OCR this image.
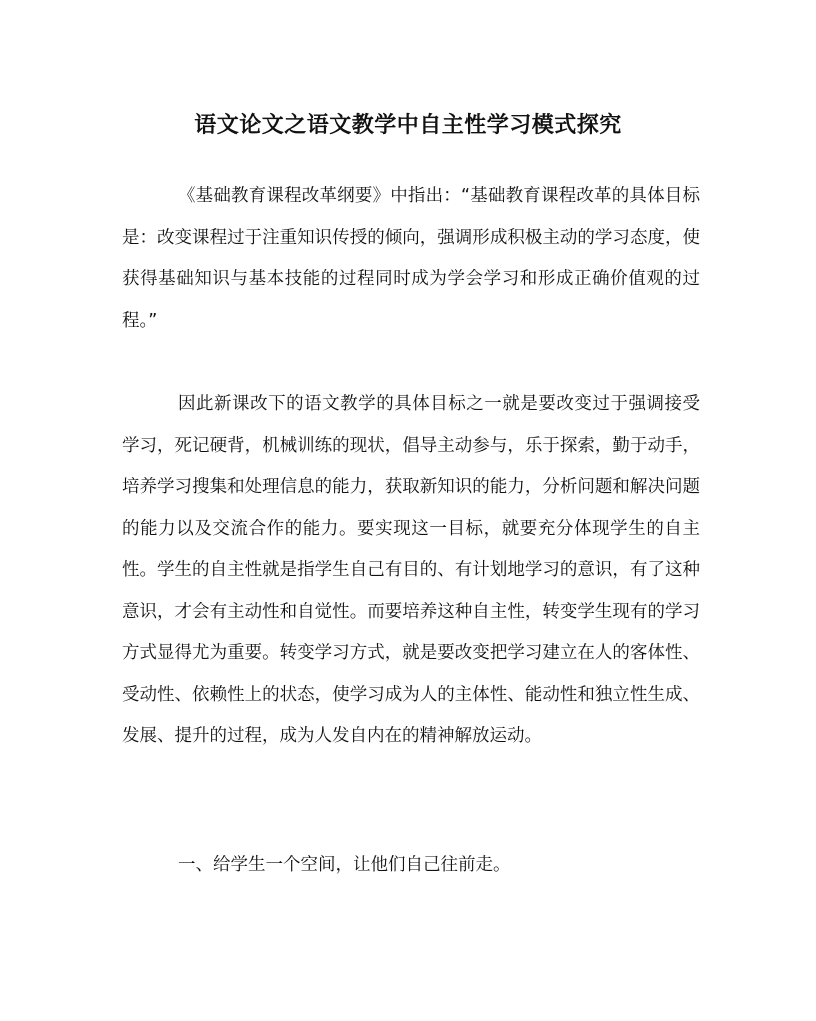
语文论文之语文教学中自主性学习模式探究

《基础教育课程改革纲要》中指出：“基础教育课程改革的具体目标是：改变课程过于注重知识传授的倾向，强调形成积极主动的学习态度，使获得基础知识与基本技能的过程同时成为学会学习和形成正确价值观的过程。”

因此新课改下的语文教学的具体目标之一就是要改变过于强调接受学习，死记硬背，机械训练的现状，倡导主动参与，乐于探索，勤于动手，培养学习搜集和处理信息的能力，获取新知识的能力，分析问题和解决问题的能力以及交流合作的能力。要实现这一目标，就要充分体现学生的自主性。学生的自主性就是指学生自己有目的、有计划地学习的意识，有了这种意识，才会有主动性和自觉性。而要培养这种自主性，转变学生现有的学习方式显得尤为重要。转变学习方式，就是要改变把学习建立在人的客体性、受动性、依赖性上的状态，使学习成为人的主体性、能动性和独立性生成、发展、提升的过程，成为人发自内在的精神解放运动。

一、给学生一个空间，让他们自己往前走。
